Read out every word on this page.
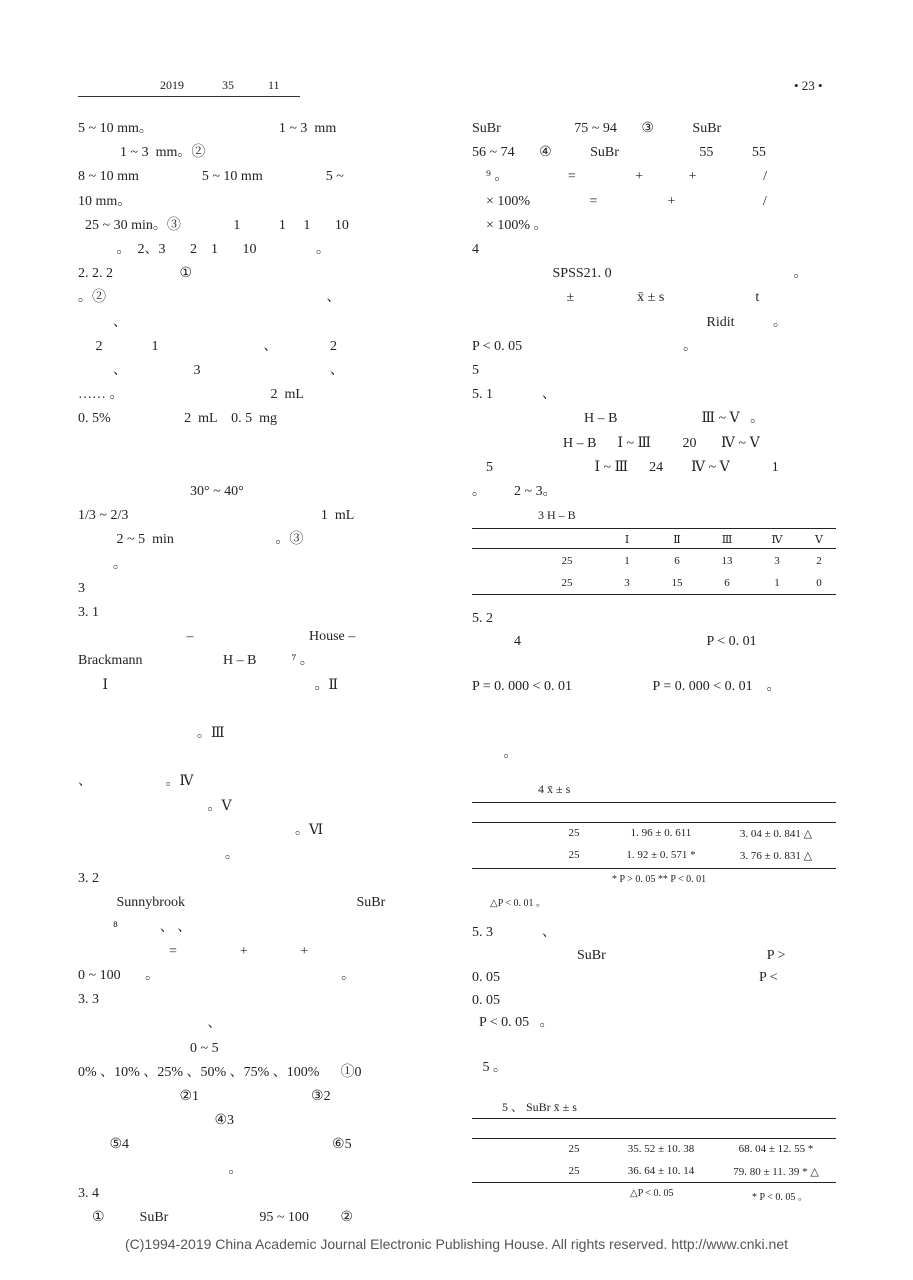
2019	35	11	• 23 •
5 ~ 10 mm。                                    1 ~ 3  mm
1 ~ 3  mm。②
8 ~ 10 mm                  5 ~ 10 mm                  5 ~
10 mm。
25 ~ 30 min。③               1           1     1       10
。  2、3       2    1       10                 。
2. 2. 2                   ①
。②                                                               、
、
2              1                              、               2
、                   3                                     、
…… 。                                          2  mL
0. 5%                     2  mL    0. 5  mg
30° ~ 40°
1/3 ~ 2/3                                                       1  mL
2 ~ 5  min                             。③
。
3
3. 1
–                                 House –
Brackmann                       H – B          ⁷ 。
Ⅰ                                                           。Ⅱ
。Ⅲ
、                     。Ⅳ
。Ⅴ
。Ⅵ
。
3. 2
Sunnybrook                                                 SuBr
⁸            、 、
=                  +               +
0 ~ 100       。                                                    。
3. 3
、
0 ~ 5
0% 、10% 、25% 、50% 、75% 、100%      ①0
②1                                ③2
④3
⑤4                                                          ⑥5
。
3. 4
①          SuBr                          95 ~ 100         ②
SuBr                     75 ~ 94       ③           SuBr
56 ~ 74       ④           SuBr                       55           55
⁹ 。                 =                 +             +                   /
× 100%                 =                    +                         /
× 100% 。
4
SPSS21. 0                                                    。
±                  x̄ ± s                          t
Ridit           。
P < 0. 05                                              。
5
5. 1              、
H – B                        Ⅲ ~ Ⅴ   。
H – B      Ⅰ ~ Ⅲ         20       Ⅳ ~ Ⅴ
5                             Ⅰ ~ Ⅲ      24        Ⅳ ~ Ⅴ            1
。        2 ~ 3。
3 H – B
		Ⅰ	Ⅱ	Ⅲ	Ⅳ	Ⅴ
	25	1	6	13	3	2
	25	3	15	6	1	0
5. 2
4                                                     P < 0. 01
P = 0. 000 < 0. 01                       P = 0. 000 < 0. 01    。
。
4 x̄ ± s
	25	1. 96 ± 0. 611	3. 04 ± 0. 841 △
	25	1. 92 ± 0. 571 *	3. 76 ± 0. 831 △
* P > 0. 05 ** P < 0. 01
△P < 0. 01 。
5. 3              、
SuBr                                              P >
0. 05                                                                          P <
0. 05
P < 0. 05   。
5 。
5 、 SuBr x̄ ± s
	25	35. 52 ± 10. 38	68. 04 ± 12. 55 *
	25	36. 64 ± 10. 14	79. 80 ± 11. 39 * △
△P < 0. 05	* P < 0. 05 。
(C)1994-2019 China Academic Journal Electronic Publishing House. All rights reserved. http://www.cnki.net
